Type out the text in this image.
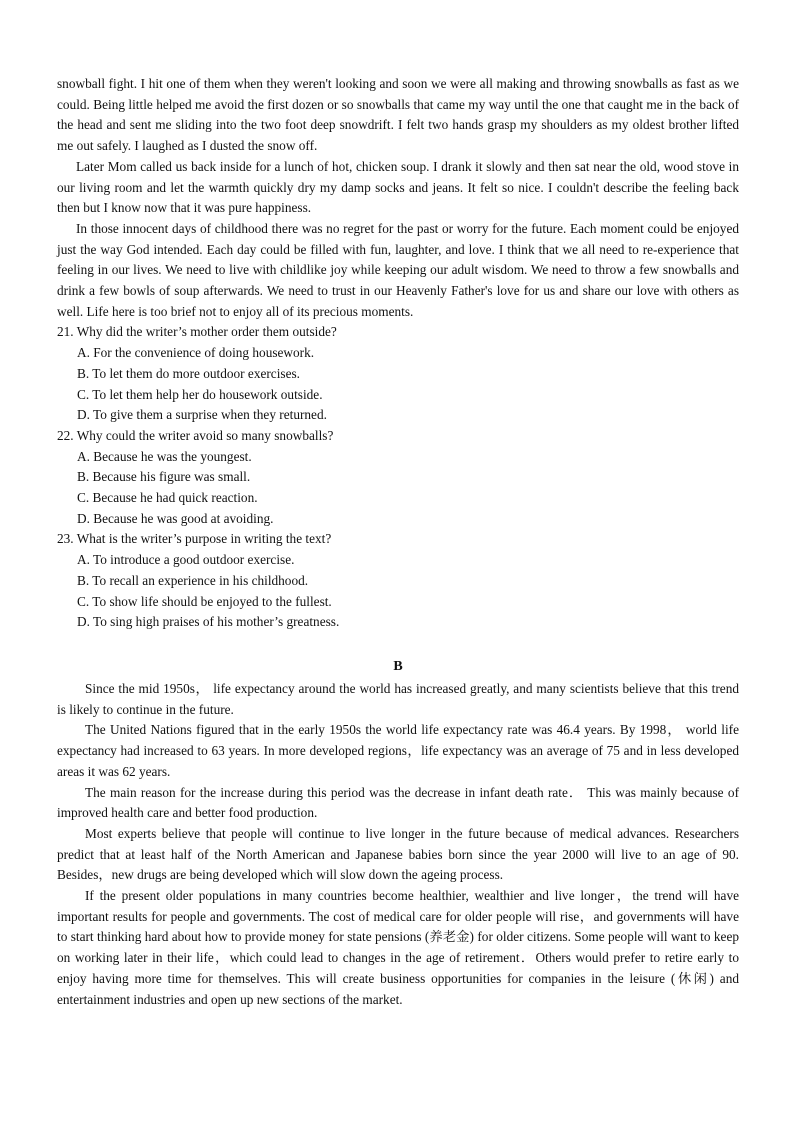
snowball fight. I hit one of them when they weren't looking and soon we were all making and throwing snowballs as fast as we could. Being little helped me avoid the first dozen or so snowballs that came my way until the one that caught me in the back of the head and sent me sliding into the two foot deep snowdrift. I felt two hands grasp my shoulders as my oldest brother lifted me out safely. I laughed as I dusted the snow off.

Later Mom called us back inside for a lunch of hot, chicken soup. I drank it slowly and then sat near the old, wood stove in our living room and let the warmth quickly dry my damp socks and jeans. It felt so nice. I couldn't describe the feeling back then but I know now that it was pure happiness.

In those innocent days of childhood there was no regret for the past or worry for the future. Each moment could be enjoyed just the way God intended. Each day could be filled with fun, laughter, and love. I think that we all need to re-experience that feeling in our lives. We need to live with childlike joy while keeping our adult wisdom. We need to throw a few snowballs and drink a few bowls of soup afterwards. We need to trust in our Heavenly Father's love for us and share our love with others as well. Life here is too brief not to enjoy all of its precious moments.

21. Why did the writer’s mother order them outside?

A. For the convenience of doing housework.

B. To let them do more outdoor exercises.

C. To let them help her do housework outside.

D. To give them a surprise when they returned.

22. Why could the writer avoid so many snowballs?

A. Because he was the youngest.

B. Because his figure was small.

C. Because he had quick reaction.

D. Because he was good at avoiding.

23. What is the writer’s purpose in writing the text?

A. To introduce a good outdoor exercise.

B. To recall an experience in his childhood.

C. To show life should be enjoyed to the fullest.

D. To sing high praises of his mother’s greatness.

B

Since the mid 1950s， life expectancy around the world has increased greatly, and many scientists believe that this trend is likely to continue in the future.

The United Nations figured that in the early 1950s the world life expectancy rate was 46.4 years. By 1998， world life expectancy had increased to 63 years. In more developed regions，life expectancy was an average of 75 and in less developed areas it was 62 years.

The main reason for the increase during this period was the decrease in infant death rate． This was mainly because of improved health care and better food production.

Most experts believe that people will continue to live longer in the future because of medical advances. Researchers predict that at least half of the North American and Japanese babies born since the year 2000 will live to an age of 90. Besides，new drugs are being developed which will slow down the ageing process.

If the present older populations in many countries become healthier, wealthier and live longer，the trend will have important results for people and governments. The cost of medical care for older people will rise，and governments will have to start thinking hard about how to provide money for state pensions (养老金) for older citizens. Some people will want to keep on working later in their life，which could lead to changes in the age of retirement．Others would prefer to retire early to enjoy having more time for themselves. This will create business opportunities for companies in the leisure (休闲) and entertainment industries and open up new sections of the market.
